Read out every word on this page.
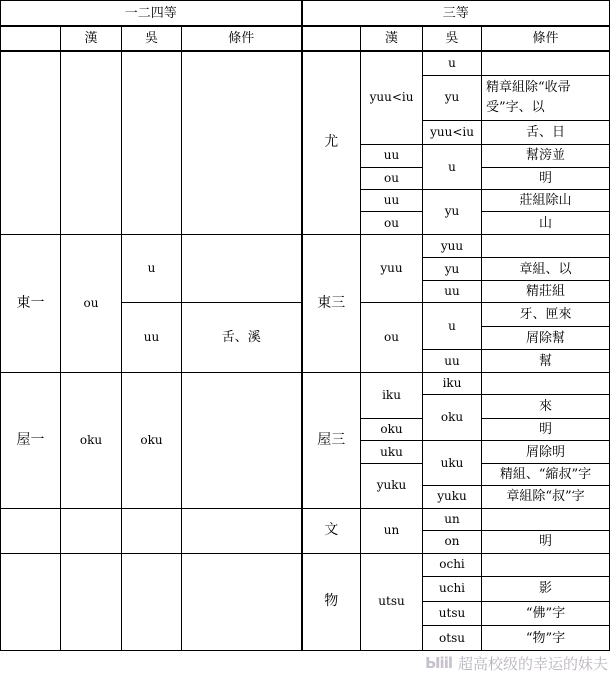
一二四等				三等			
	漢	吳	條件		漢	吳	條件
				尤	yuu<iu	u	
						yu	精章組除“收帚受”字、以
						yuu<iu	舌、日
					uu	u	幫滂並
					ou		明
					uu	yu	莊組除山
					ou		山
東一	ou	u		東三	yuu	yuu	
						yu	章組、以
						uu	精莊組
		uu	舌、溪		ou	u	牙、匣來
							屑除幫
						uu	幫
屋一	oku	oku		屋三	iku	iku	
						oku	來
					oku		明
					uku	uku	屑除明
					yuku		精組、“縮叔”字
						yuku	章組除“叔”字
				文	un	un	
						on	明
				物	utsu	ochi	
						uchi	影
						utsu	“佛”字
						otsu	“物”字
Ыiil 超高校级的幸运的妹夫
